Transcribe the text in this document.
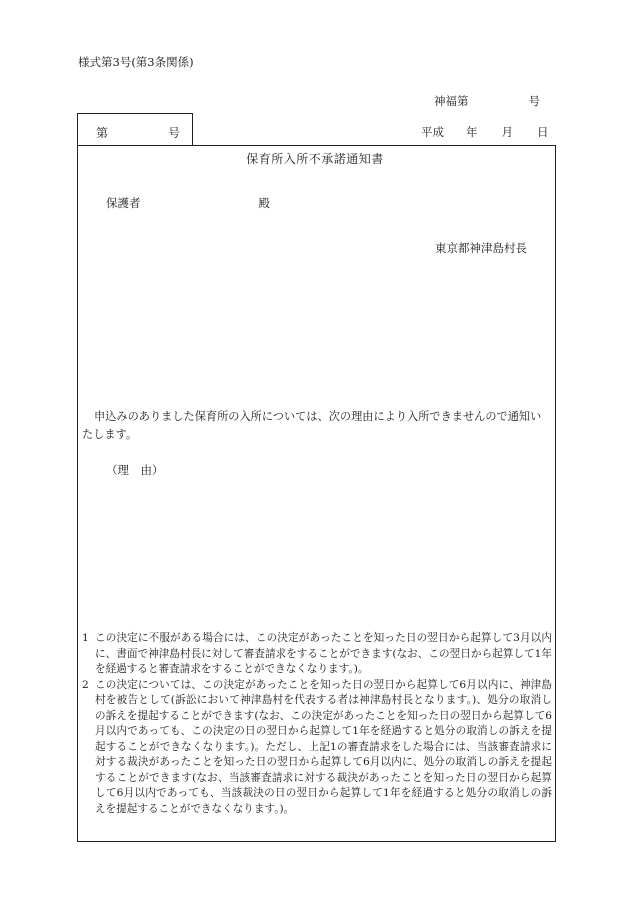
様式第3号(第3条関係)
神福第	号
第	号	平成 年 月 日
保育所入所不承諾通知書
保護者	殿
東京都神津島村長
申込みのありました保育所の入所については、次の理由により入所できませんので通知いたします。
（理　由）
1 この決定に不服がある場合には、この決定があったことを知った日の翌日から起算して3月以内に、書面で神津島村長に対して審査請求をすることができます(なお、この翌日から起算して1年を経過すると審査請求をすることができなくなります。)。
2 この決定については、この決定があったことを知った日の翌日から起算して6月以内に、神津島村を被告として(訴訟において神津島村を代表する者は神津島村長となります。)、処分の取消しの訴えを提起することができます(なお、この決定があったことを知った日の翌日から起算して6月以内であっても、この決定の日の翌日から起算して1年を経過すると処分の取消しの訴えを提起することができなくなります。)。ただし、上記1の審査請求をした場合には、当該審査請求に対する裁決があったことを知った日の翌日から起算して6月以内に、処分の取消しの訴えを提起することができます(なお、当該審査請求に対する裁決があったことを知った日の翌日から起算して6月以内であっても、当該裁決の日の翌日から起算して1年を経過すると処分の取消しの訴えを提起することができなくなります。)。
